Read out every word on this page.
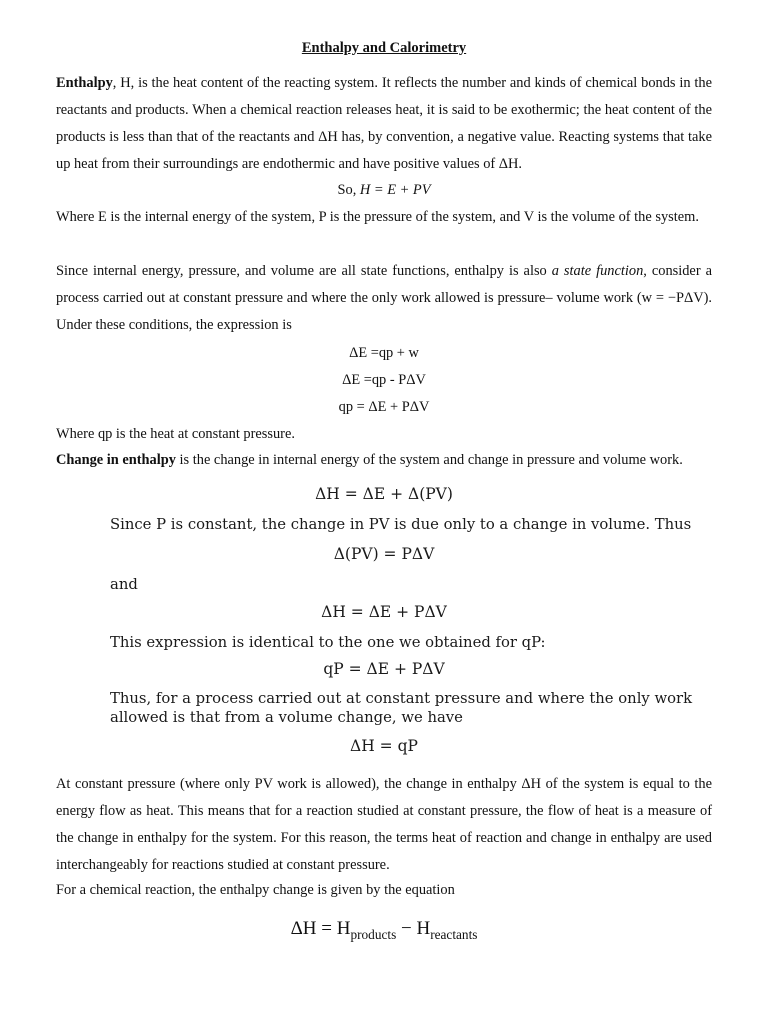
Enthalpy and Calorimetry

Enthalpy, H, is the heat content of the reacting system. It reflects the number and kinds of chemical bonds in the reactants and products. When a chemical reaction releases heat, it is said to be exothermic; the heat content of the products is less than that of the reactants and ΔH has, by convention, a negative value. Reacting systems that take up heat from their surroundings are endothermic and have positive values of ΔH.

So, H = E + PV

Where E is the internal energy of the system, P is the pressure of the system, and V is the volume of the system.

Since internal energy, pressure, and volume are all state functions, enthalpy is also a state function, consider a process carried out at constant pressure and where the only work allowed is pressure– volume work (w = −PΔV). Under these conditions, the expression is

ΔE =qp + w
ΔE =qp - PΔV
qp = ΔE + PΔV

Where qp is the heat at constant pressure.

Change in enthalpy is the change in internal energy of the system and change in pressure and volume work.

ΔH = ΔE + Δ(PV)
Since P is constant, the change in PV is due only to a change in volume. Thus
Δ(PV) = PΔV
and
ΔH = ΔE + PΔV
This expression is identical to the one we obtained for qP:
qP = ΔE + PΔV
Thus, for a process carried out at constant pressure and where the only work allowed is that from a volume change, we have
ΔH = qP

At constant pressure (where only PV work is allowed), the change in enthalpy ΔH of the system is equal to the energy flow as heat. This means that for a reaction studied at constant pressure, the flow of heat is a measure of the change in enthalpy for the system. For this reason, the terms heat of reaction and change in enthalpy are used interchangeably for reactions studied at constant pressure.

For a chemical reaction, the enthalpy change is given by the equation

$\Delta H = H_{products} - H_{reactants}$
